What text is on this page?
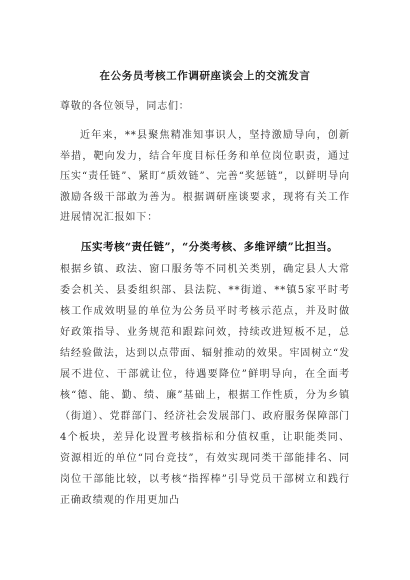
在公务员考核工作调研座谈会上的交流发言
尊敬的各位领导，同志们：

近年来，**县聚焦精准知事识人，坚持激励导向，创新举措，靶向发力，结合年度目标任务和单位岗位职责，通过压实“责任链”、紧盯“质效链”、完善“奖惩链”，以鲜明导向激励各级干部敢为善为。根据调研座谈要求，现将有关工作进展情况汇报如下：

压实考核“责任链”，“分类考核、多维评绩”比担当。

根据乡镇、政法、窗口服务等不同机关类别，确定县人大常委会机关、县委组织部、县法院、**街道、**镇5家平时考核工作成效明显的单位为公务员平时考核示范点，并及时做好政策指导、业务规范和跟踪问效，持续改进短板不足，总结经验做法，达到以点带面、辐射推动的效果。牢固树立“发展不进位、干部就让位，待遇要降位”鲜明导向，在全面考核“德、能、勤、绩、廉”基础上，根据工作性质，分为乡镇（街道）、党群部门、经济社会发展部门、政府服务保障部门4个板块，差异化设置考核指标和分值权重，让职能类同、资源相近的单位“同台竞技”，有效实现同类干部能排名、同岗位干部能比较，以考核“指挥棒”引导党员干部树立和践行正确政绩观的作用更加凸
